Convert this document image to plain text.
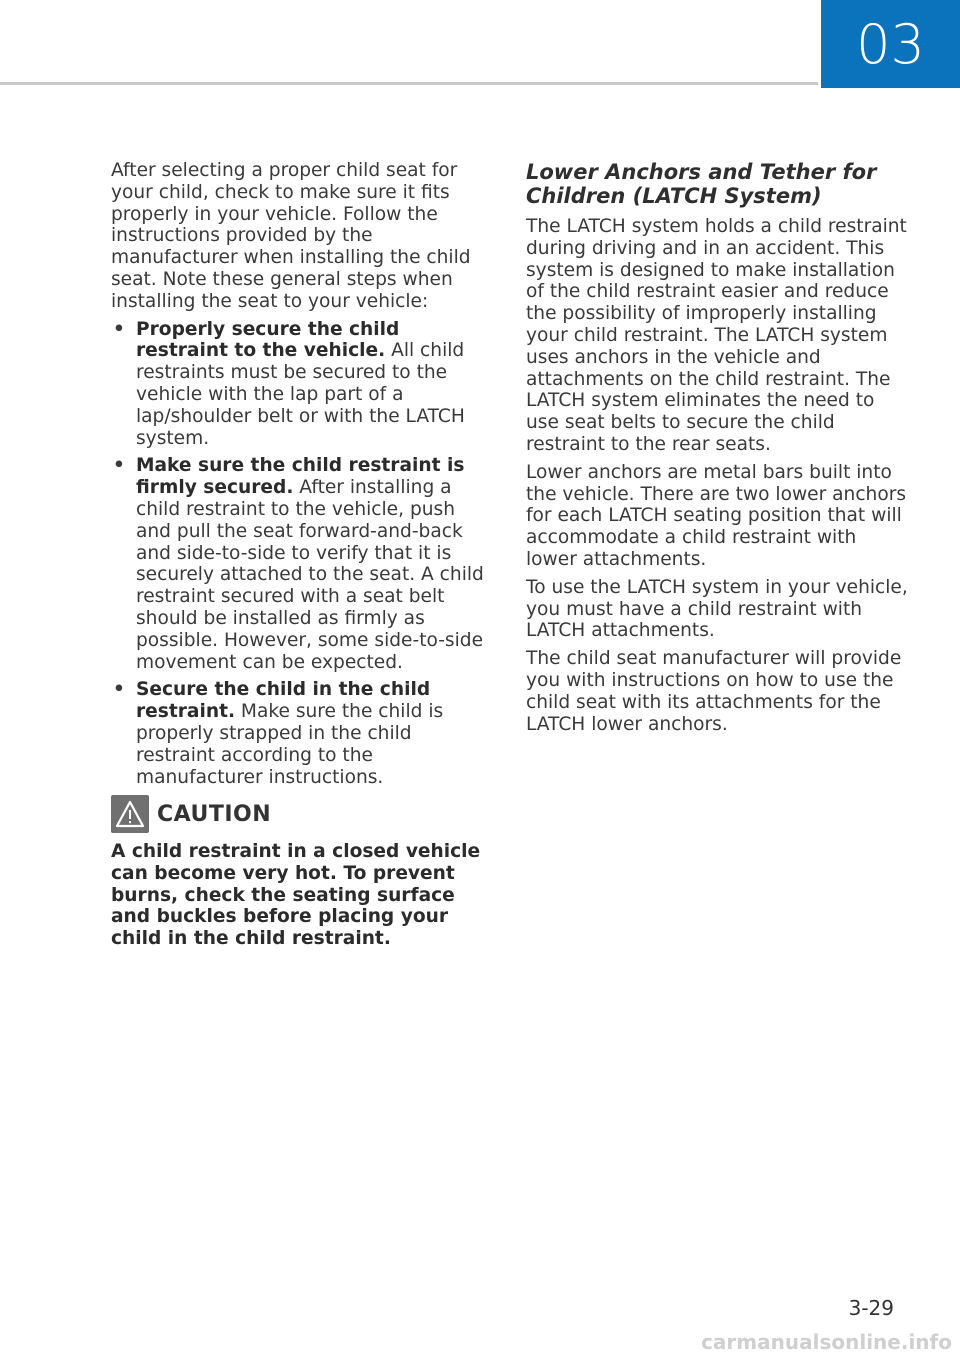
03

After selecting a proper child seat for your child, check to make sure it fits properly in your vehicle. Follow the instructions provided by the manufacturer when installing the child seat. Note these general steps when installing the seat to your vehicle:

• Properly secure the child restraint to the vehicle. All child restraints must be secured to the vehicle with the lap part of a lap/shoulder belt or with the LATCH system.
• Make sure the child restraint is firmly secured. After installing a child restraint to the vehicle, push and pull the seat forward-and-back and side-to-side to verify that it is securely attached to the seat. A child restraint secured with a seat belt should be installed as firmly as possible. However, some side-to-side movement can be expected.
• Secure the child in the child restraint. Make sure the child is properly strapped in the child restraint according to the manufacturer instructions.
CAUTION
A child restraint in a closed vehicle can become very hot. To prevent burns, check the seating surface and buckles before placing your child in the child restraint.
Lower Anchors and Tether for Children (LATCH System)

The LATCH system holds a child restraint during driving and in an accident. This system is designed to make installation of the child restraint easier and reduce the possibility of improperly installing your child restraint. The LATCH system uses anchors in the vehicle and attachments on the child restraint. The LATCH system eliminates the need to use seat belts to secure the child restraint to the rear seats.

Lower anchors are metal bars built into the vehicle. There are two lower anchors for each LATCH seating position that will accommodate a child restraint with lower attachments.

To use the LATCH system in your vehicle, you must have a child restraint with LATCH attachments.

The child seat manufacturer will provide you with instructions on how to use the child seat with its attachments for the LATCH lower anchors.

3-29
carmanualsonline.info
